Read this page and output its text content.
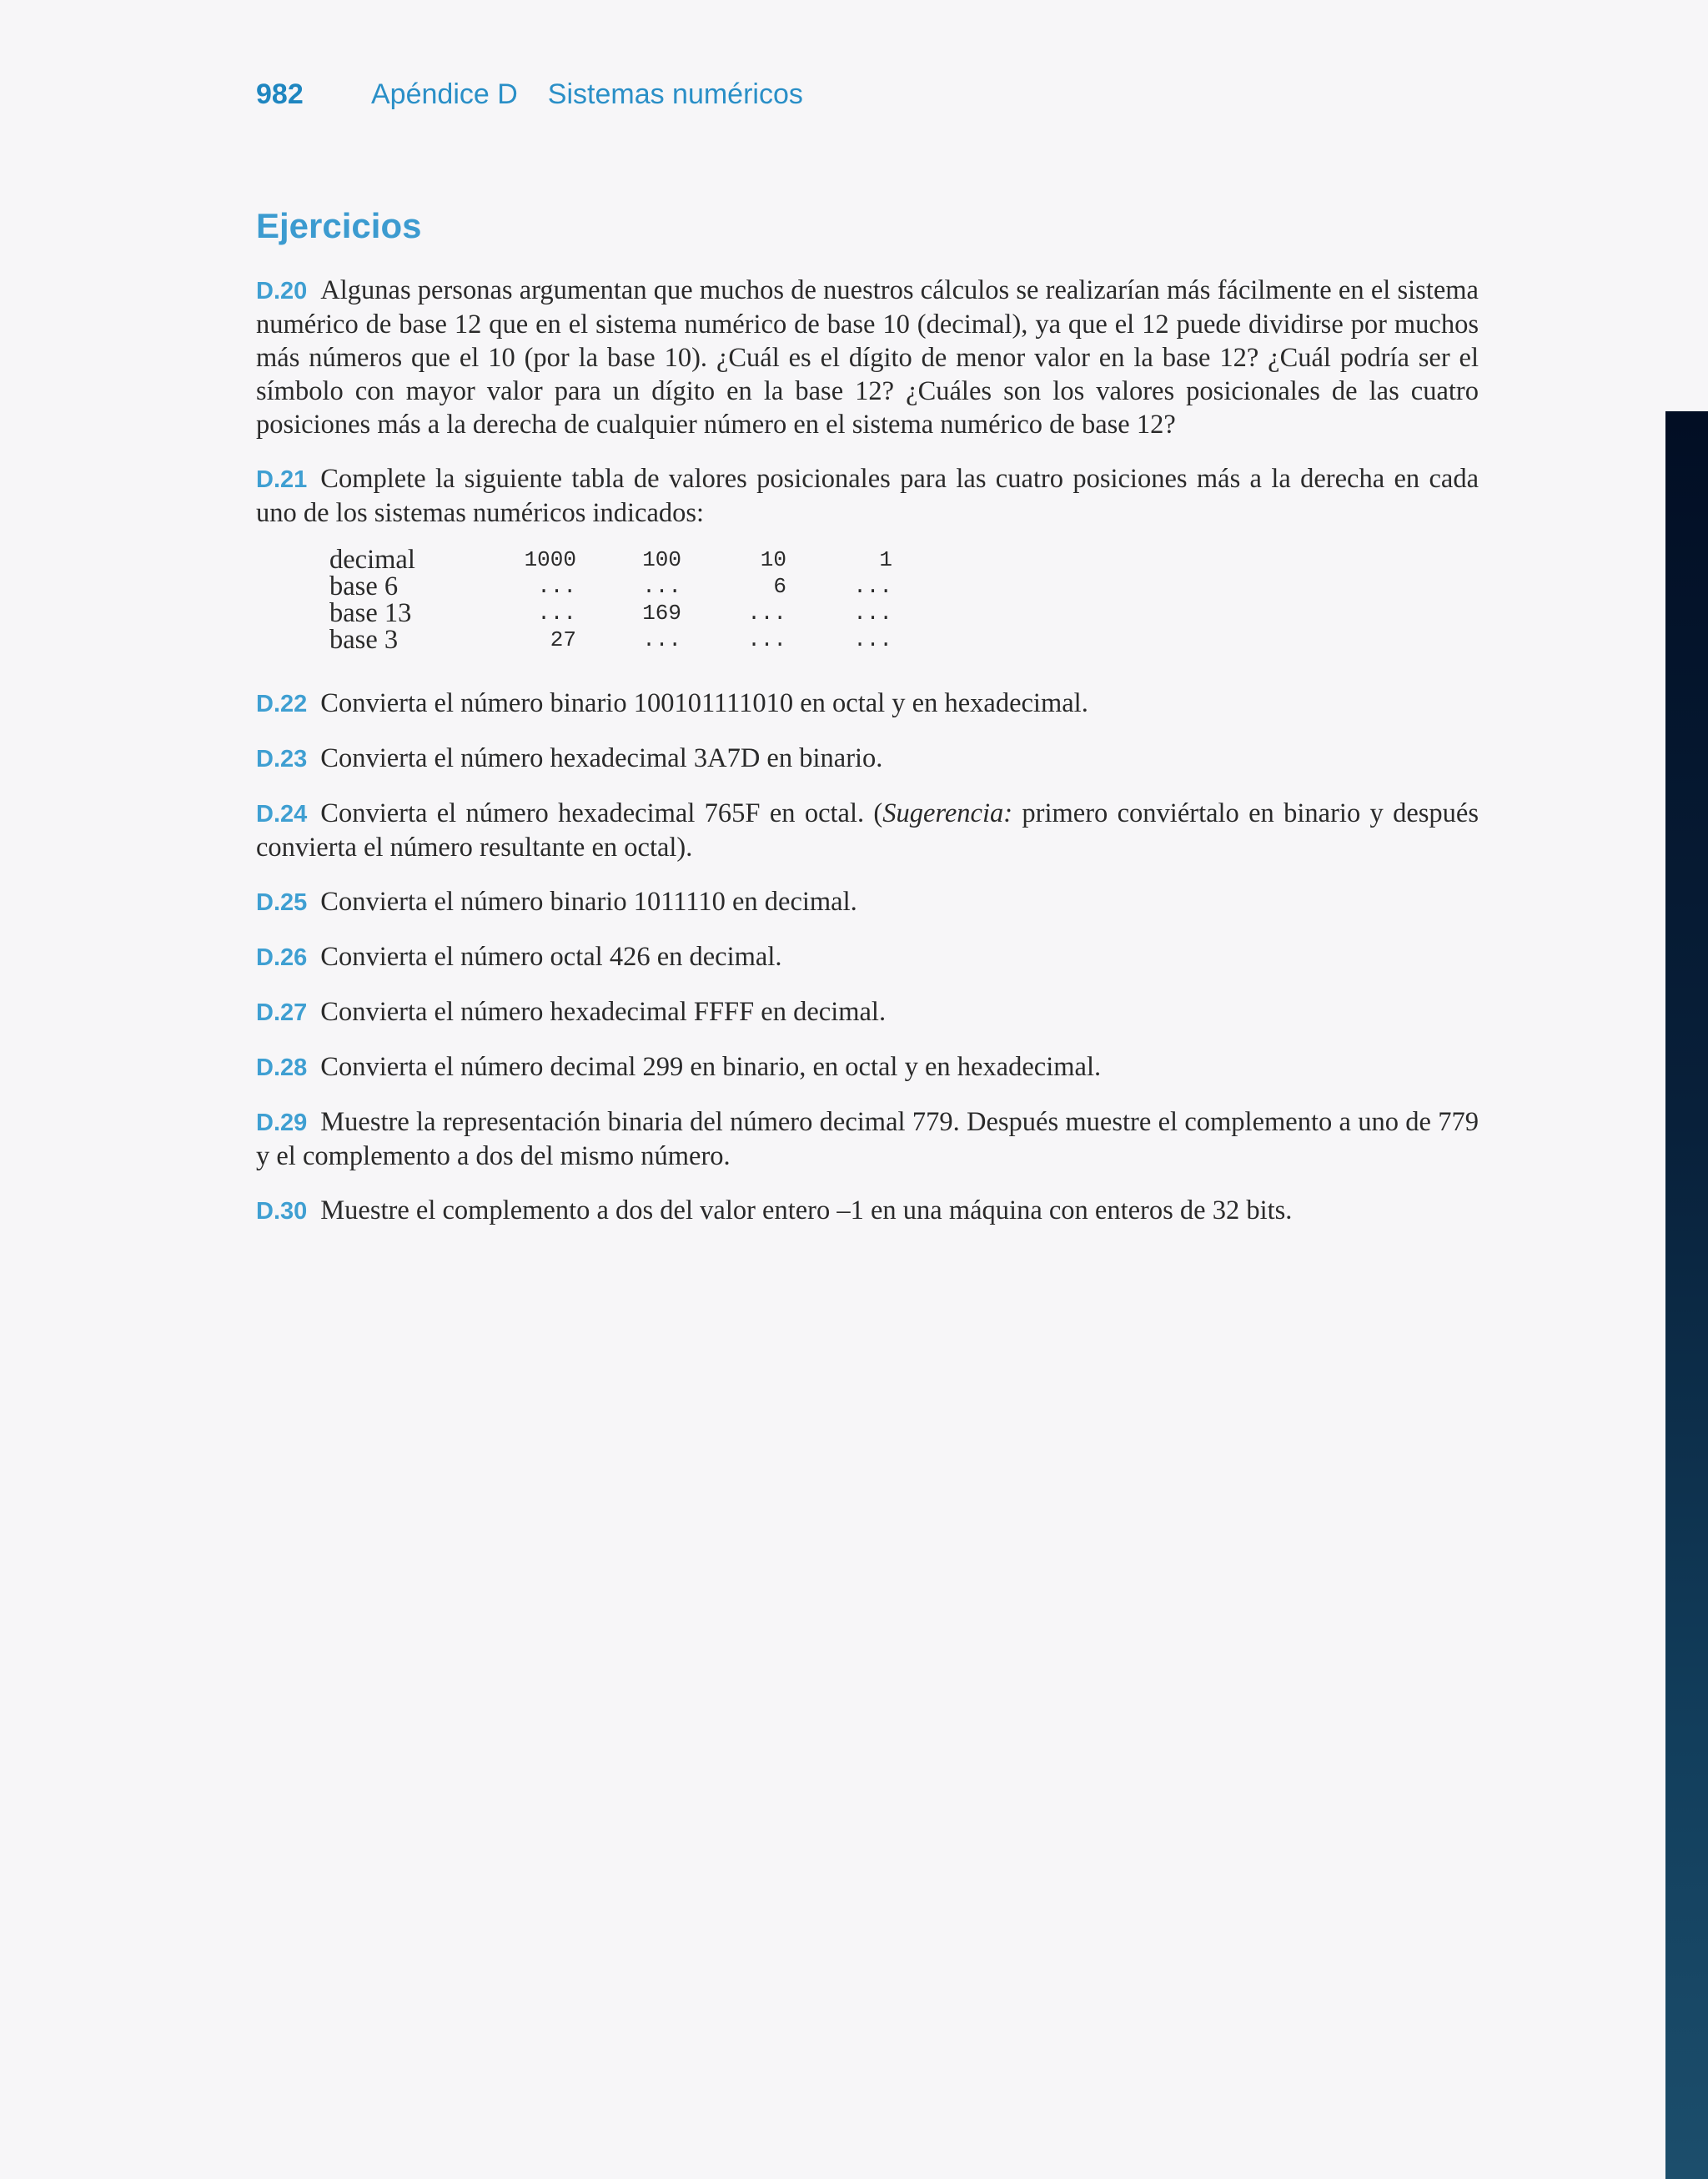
982 Apéndice D Sistemas numéricos
Ejercicios

D.20 Algunas personas argumentan que muchos de nuestros cálculos se realizarían más fácilmente en el sistema numérico de base 12 que en el sistema numérico de base 10 (decimal), ya que el 12 puede dividirse por muchos más números que el 10 (por la base 10). ¿Cuál es el dígito de menor valor en la base 12? ¿Cuál podría ser el símbolo con mayor valor para un dígito en la base 12? ¿Cuáles son los valores posicionales de las cuatro posiciones más a la derecha de cualquier número en el sistema numérico de base 12?

D.21 Complete la siguiente tabla de valores posicionales para las cuatro posiciones más a la derecha en cada uno de los sistemas numéricos indicados:

decimal	1000	100	10	1
base 6	...	...	6	...
base 13	...	169	...	...
base 3	27	...	...	...

D.22 Convierta el número binario 100101111010 en octal y en hexadecimal.

D.23 Convierta el número hexadecimal 3A7D en binario.

D.24 Convierta el número hexadecimal 765F en octal. (Sugerencia: primero conviértalo en binario y después convierta el número resultante en octal).

D.25 Convierta el número binario 1011110 en decimal.

D.26 Convierta el número octal 426 en decimal.

D.27 Convierta el número hexadecimal FFFF en decimal.

D.28 Convierta el número decimal 299 en binario, en octal y en hexadecimal.

D.29 Muestre la representación binaria del número decimal 779. Después muestre el complemento a uno de 779 y el complemento a dos del mismo número.

D.30 Muestre el complemento a dos del valor entero –1 en una máquina con enteros de 32 bits.
